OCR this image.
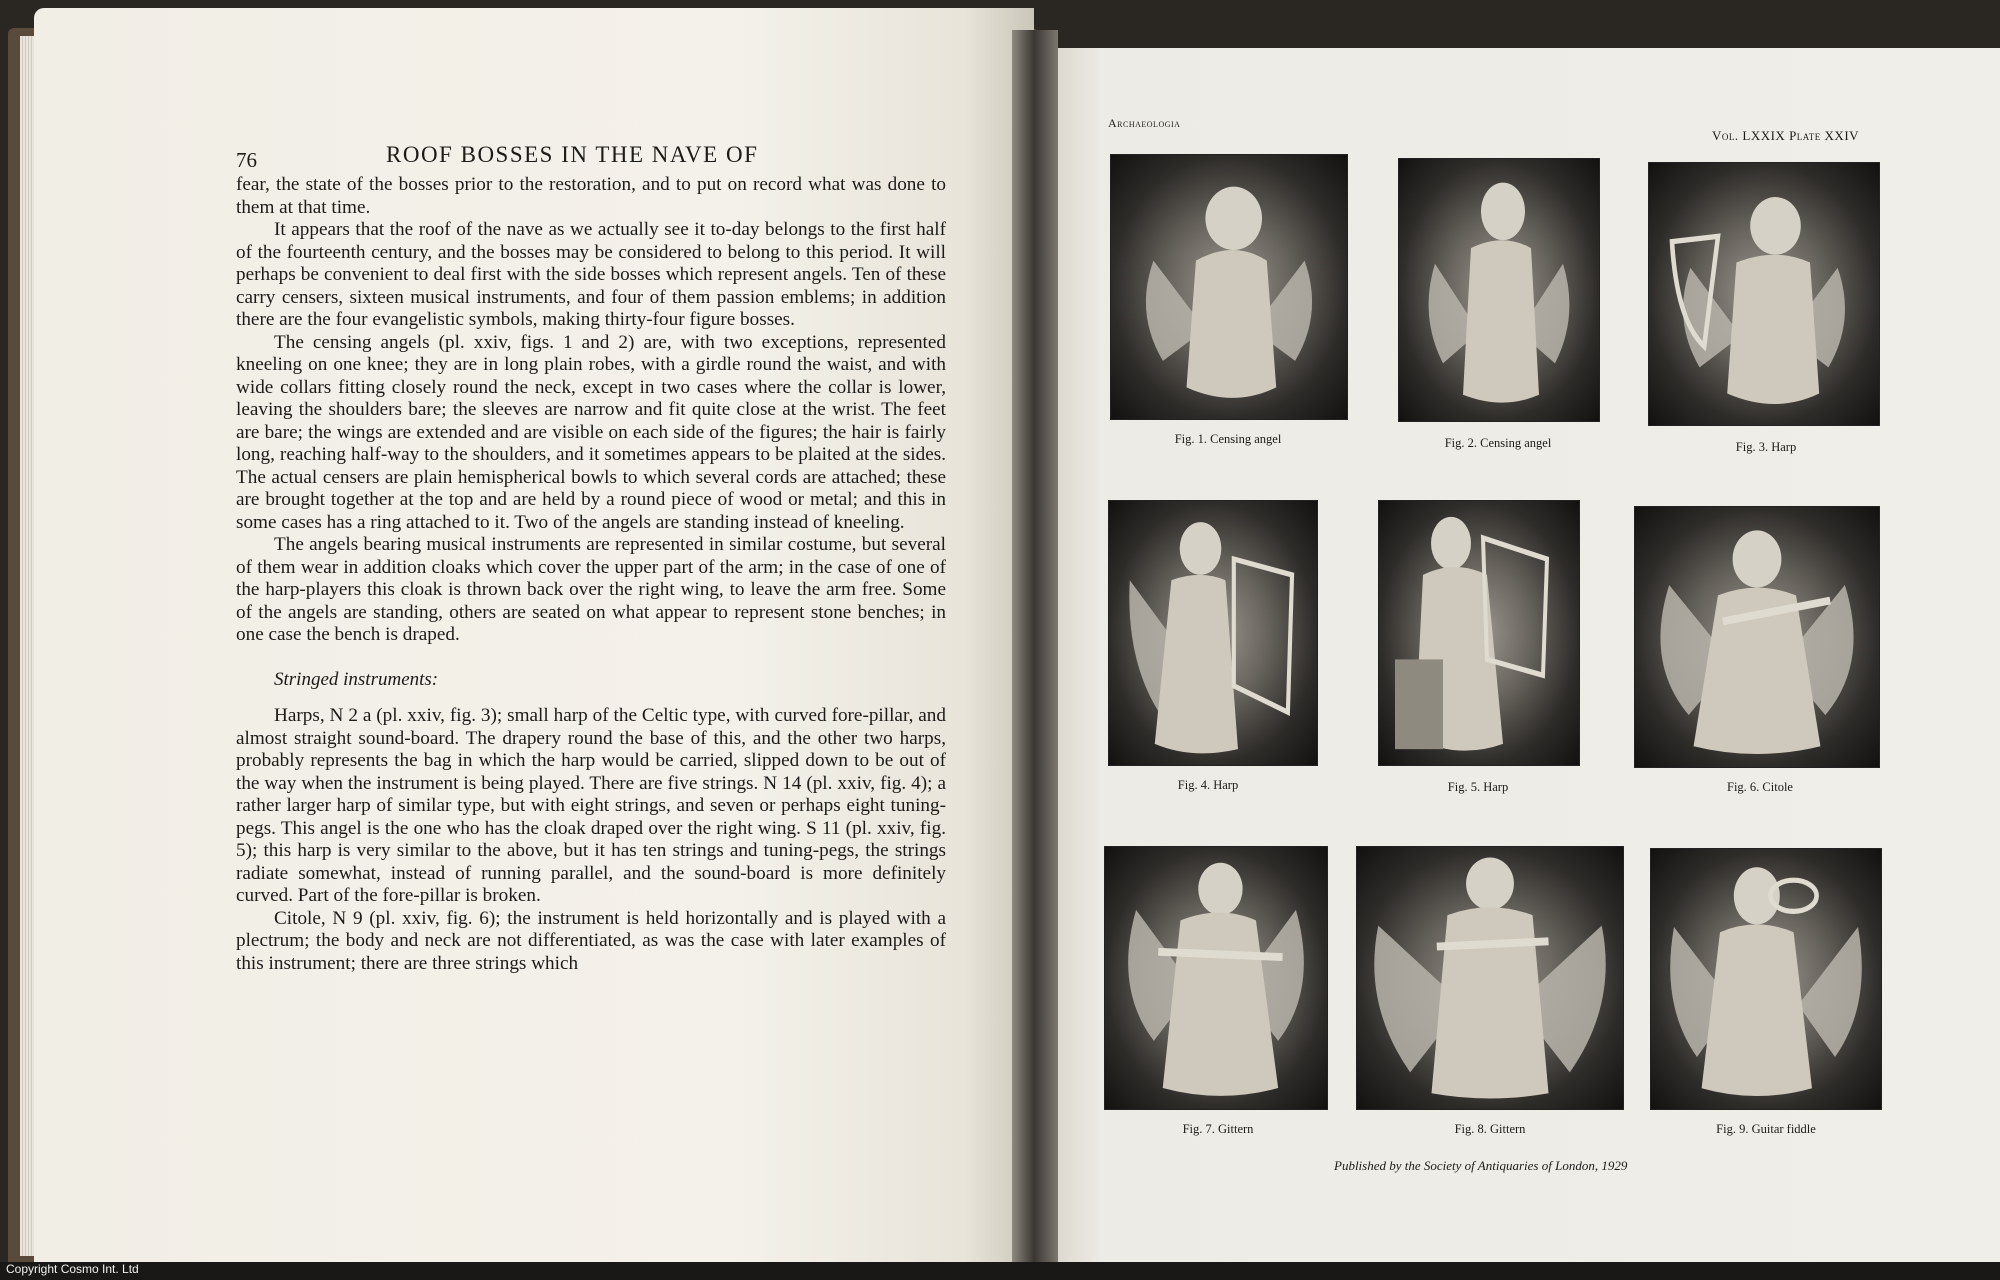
76	ROOF BOSSES IN THE NAVE OF

fear, the state of the bosses prior to the restoration, and to put on record what was done to them at that time.

It appears that the roof of the nave as we actually see it to-day belongs to the first half of the fourteenth century, and the bosses may be considered to belong to this period. It will perhaps be convenient to deal first with the side bosses which represent angels. Ten of these carry censers, sixteen musical instruments, and four of them passion emblems; in addition there are the four evangelistic symbols, making thirty-four figure bosses.

The censing angels (pl. xxiv, figs. 1 and 2) are, with two exceptions, represented kneeling on one knee; they are in long plain robes, with a girdle round the waist, and with wide collars fitting closely round the neck, except in two cases where the collar is lower, leaving the shoulders bare; the sleeves are narrow and fit quite close at the wrist. The feet are bare; the wings are extended and are visible on each side of the figures; the hair is fairly long, reaching half-way to the shoulders, and it sometimes appears to be plaited at the sides. The actual censers are plain hemispherical bowls to which several cords are attached; these are brought together at the top and are held by a round piece of wood or metal; and this in some cases has a ring attached to it. Two of the angels are standing instead of kneeling.

The angels bearing musical instruments are represented in similar costume, but several of them wear in addition cloaks which cover the upper part of the arm; in the case of one of the harp-players this cloak is thrown back over the right wing, to leave the arm free. Some of the angels are standing, others are seated on what appear to represent stone benches; in one case the bench is draped.

Stringed instruments:

Harps, N 2 a (pl. xxiv, fig. 3); small harp of the Celtic type, with curved fore-pillar, and almost straight sound-board. The drapery round the base of this, and the other two harps, probably represents the bag in which the harp would be carried, slipped down to be out of the way when the instrument is being played. There are five strings. N 14 (pl. xxiv, fig. 4); a rather larger harp of similar type, but with eight strings, and seven or perhaps eight tuning-pegs. This angel is the one who has the cloak draped over the right wing. S 11 (pl. xxiv, fig. 5); this harp is very similar to the above, but it has ten strings and tuning-pegs, the strings radiate somewhat, instead of running parallel, and the sound-board is more definitely curved. Part of the fore-pillar is broken.

Citole, N 9 (pl. xxiv, fig. 6); the instrument is held horizontally and is played with a plectrum; the body and neck are not differentiated, as was the case with later examples of this instrument; there are three strings which

Archaeologia
Vol. LXXIX Plate XXIV
Fig. 1. Censing angel	Fig. 2. Censing angel	Fig. 3. Harp
Fig. 4. Harp	Fig. 5. Harp	Fig. 6. Citole
Fig. 7. Gittern	Fig. 8. Gittern	Fig. 9. Guitar fiddle
Published by the Society of Antiquaries of London, 1929
Copyright Cosmo Int. Ltd
